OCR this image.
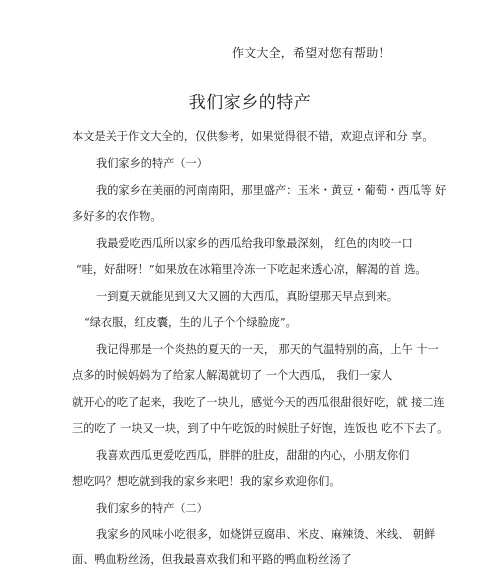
作文大全，希望对您有帮助！
我们家乡的特产
本文是关于作文大全的，仅供参考，如果觉得很不错，欢迎点评和分 享。
我们家乡的特产（一）
我的家乡在美丽的河南南阳，那里盛产：玉米・黄豆・葡萄・西瓜等 好
多好多的农作物。
我最爱吃西瓜所以家乡的西瓜给我印象最深刻， 红色的肉咬一口
“哇，好甜呀！”如果放在冰箱里冷冻一下吃起来透心凉，解渴的首 选。
一到夏天就能见到又大又圆的大西瓜，真盼望那天早点到来。
“绿衣服，红皮囊，生的儿子个个绿脸庞”。
我记得那是一个炎热的夏天的一天， 那天的气温特别的高，上午 十一
点多的时候妈妈为了给家人解渴就切了 一个大西瓜， 我们一家人
就开心的吃了起来，我吃了一块儿，感觉今天的西瓜很甜很好吃，就 接二连
三的吃了 一块又一块，到了中午吃饭的时候肚子好饱，连饭也 吃不下去了。
我喜欢西瓜更爱吃西瓜，胖胖的肚皮，甜甜的内心，小朋友你们
想吃吗？想吃就到我的家乡来吧！我的家乡欢迎你们。
我们家乡的特产（二）
我家乡的风味小吃很多，如烧饼豆腐串、米皮、麻辣烫、米线、 朝鲜
面、鸭血粉丝汤，但我最喜欢我们和平路的鸭血粉丝汤了
